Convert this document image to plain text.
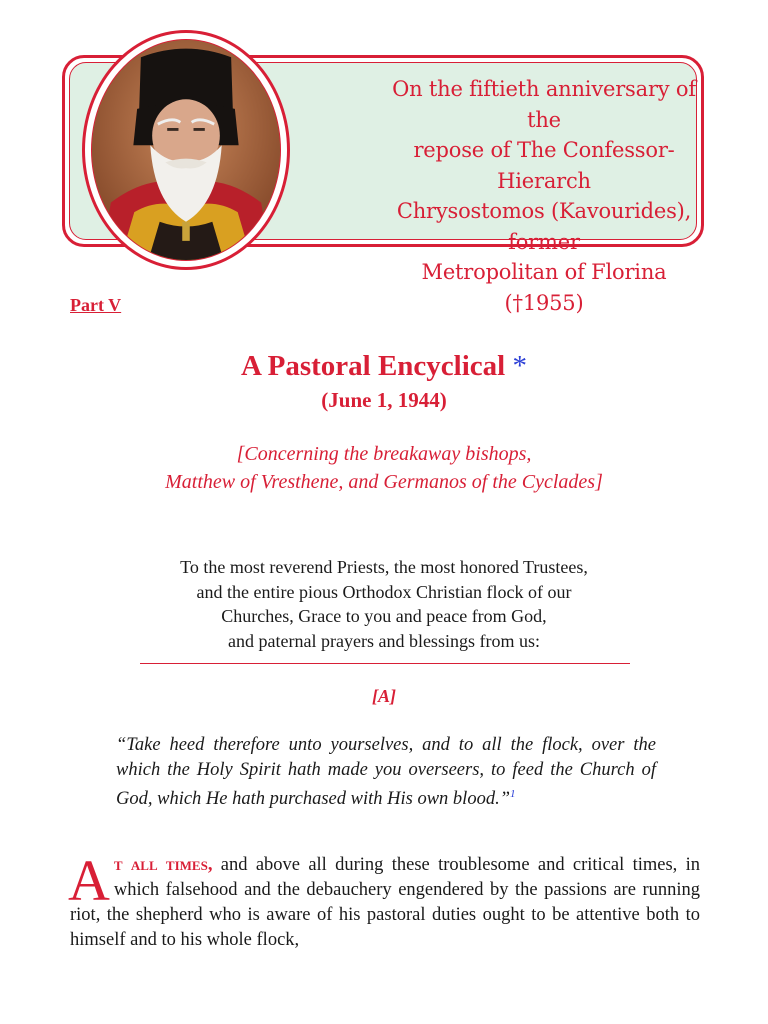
On the fiftieth anniversary of the
repose of The Confessor-Hierarch
Chrysostomos (Kavourides), former
Metropolitan of Florina
(†1955)
Part V
A Pastoral Encyclical *
(June 1, 1944)
[Concerning the breakaway bishops,
Matthew of Vresthene, and Germanos of the Cyclades]
To the most reverend Priests, the most honored Trustees,
and the entire pious Orthodox Christian flock of our
Churches, Grace to you and peace from God,
and paternal prayers and blessings from us:
[A]
“Take heed therefore unto yourselves, and to all the flock, over the which the Holy Spirit hath made you overseers, to feed the Church of God, which He hath purchased with His own blood.”$^1$
At all times, and above all during these troublesome and critical times, in which falsehood and the debauchery engendered by the passions are running riot, the shepherd who is aware of his pastoral duties ought to be attentive both to himself and to his whole flock,
